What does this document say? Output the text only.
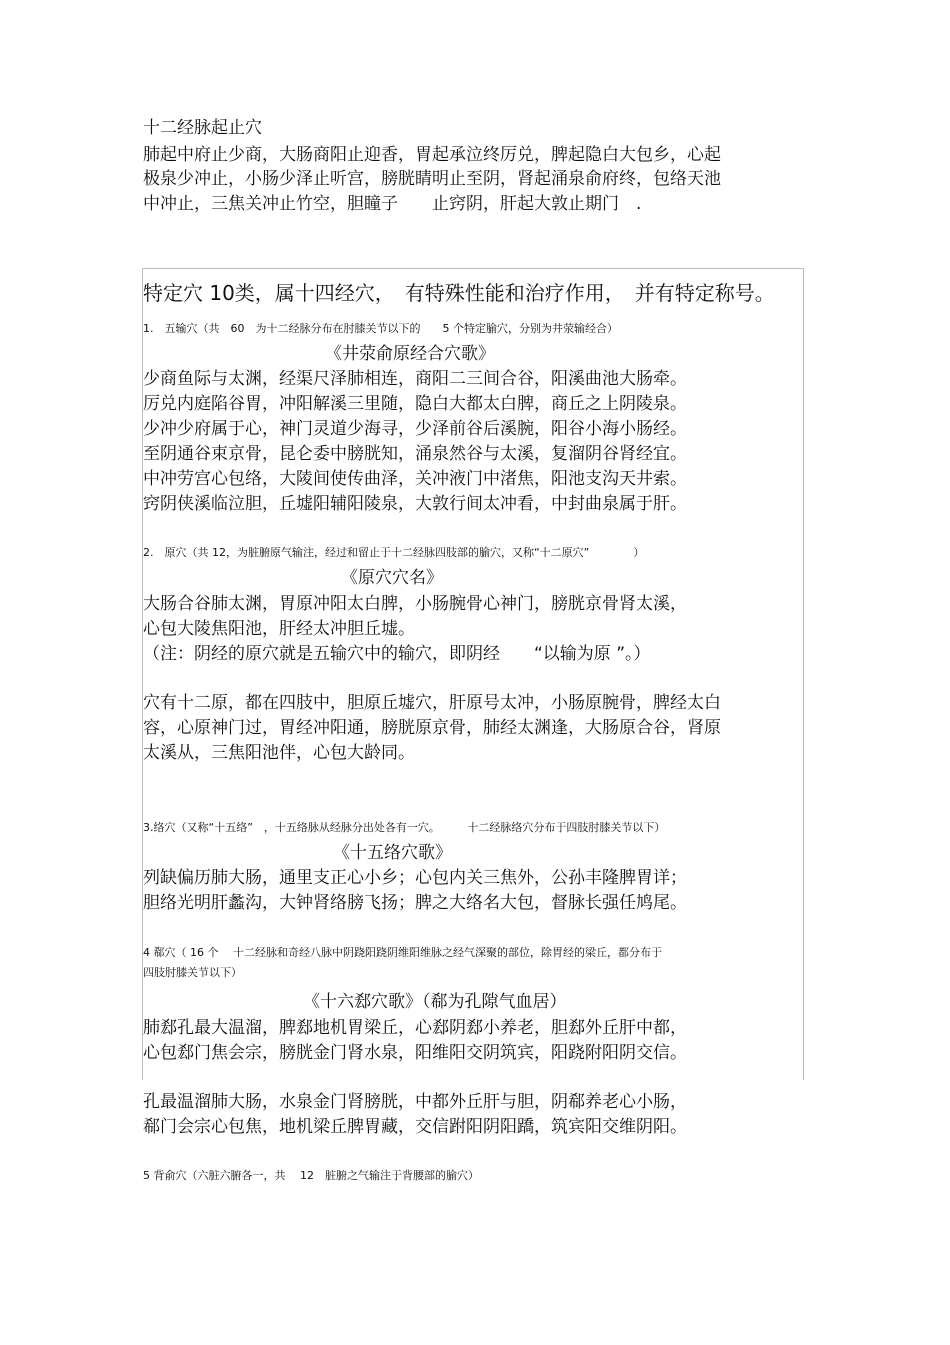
十二经脉起止穴

肺起中府止少商，大肠商阳止迎香，胃起承泣终厉兑，脾起隐白大包乡，心起

极泉少冲止，小肠少泽止听宫，膀胱睛明止至阴，肾起涌泉俞府终，包络天池

中冲止，三焦关冲止竹空，胆瞳子　　止窍阴，肝起大敦止期门　.

特定穴 10类，属十四经穴，　有特殊性能和治疗作用，　并有特定称号。

1.　五输穴（共　60　为十二经脉分布在肘膝关节以下的　　5 个特定腧穴，分别为井荥输经合）

《井荥俞原经合穴歌》

少商鱼际与太渊，经渠尺泽肺相连，商阳二三间合谷，阳溪曲池大肠牵。

厉兑内庭陷谷胃，冲阳解溪三里随，隐白大都太白脾，商丘之上阴陵泉。

少冲少府属于心，神门灵道少海寻，少泽前谷后溪腕，阳谷小海小肠经。

至阴通谷束京骨，昆仑委中膀胱知，涌泉然谷与太溪，复溜阴谷肾经宜。

中冲劳宫心包络，大陵间使传曲泽，关冲液门中渚焦，阳池支沟天井索。

窍阴侠溪临泣胆，丘墟阳辅阳陵泉，大敦行间太冲看，中封曲泉属于肝。

2.　原穴（共 12，为脏腑原气输注，经过和留止于十二经脉四肢部的腧穴，又称“十二原穴”　　　　）

《原穴穴名》

大肠合谷肺太渊，胃原冲阳太白脾，小肠腕骨心神门，膀胱京骨肾太溪，

心包大陵焦阳池，肝经太冲胆丘墟。

（注：阴经的原穴就是五输穴中的输穴，即阴经　　“以输为原 ”。）

穴有十二原，都在四肢中，胆原丘墟穴，肝原号太冲，小肠原腕骨，脾经太白

容，心原神门过，胃经冲阳通，膀胱原京骨，肺经太渊逢，大肠原合谷，肾原

太溪从，三焦阳池伴，心包大龄同。

3.络穴（又称“十五络”　，十五络脉从经脉分出处各有一穴。　　　十二经脉络穴分布于四肢肘膝关节以下）

《十五络穴歌》

列缺偏历肺大肠，通里支正心小乡；心包内关三焦外，公孙丰隆脾胃详；

胆络光明肝蠡沟，大钟肾络膀飞扬；脾之大络名大包，督脉长强任鸠尾。

4 郗穴（ 16 个　 十二经脉和奇经八脉中阴跷阳跷阴维阳维脉之经气深聚的部位，除胃经的梁丘，都分布于

四肢肘膝关节以下）

《十六郄穴歌》（郗为孔隙气血居）

肺郄孔最大温溜，脾郄地机胃梁丘，心郄阴郄小养老，胆郄外丘肝中都，

心包郄门焦会宗，膀胱金门肾水泉，阳维阳交阴筑宾，阳跷附阳阴交信。

孔最温溜肺大肠，水泉金门肾膀胱，中都外丘肝与胆，阴郗养老心小肠，

郗门会宗心包焦，地机梁丘脾胃藏，交信跗阳阴阳蹻，筑宾阳交维阴阳。

5 背俞穴（六脏六腑各一，共　 12　脏腑之气输注于背腰部的腧穴）
